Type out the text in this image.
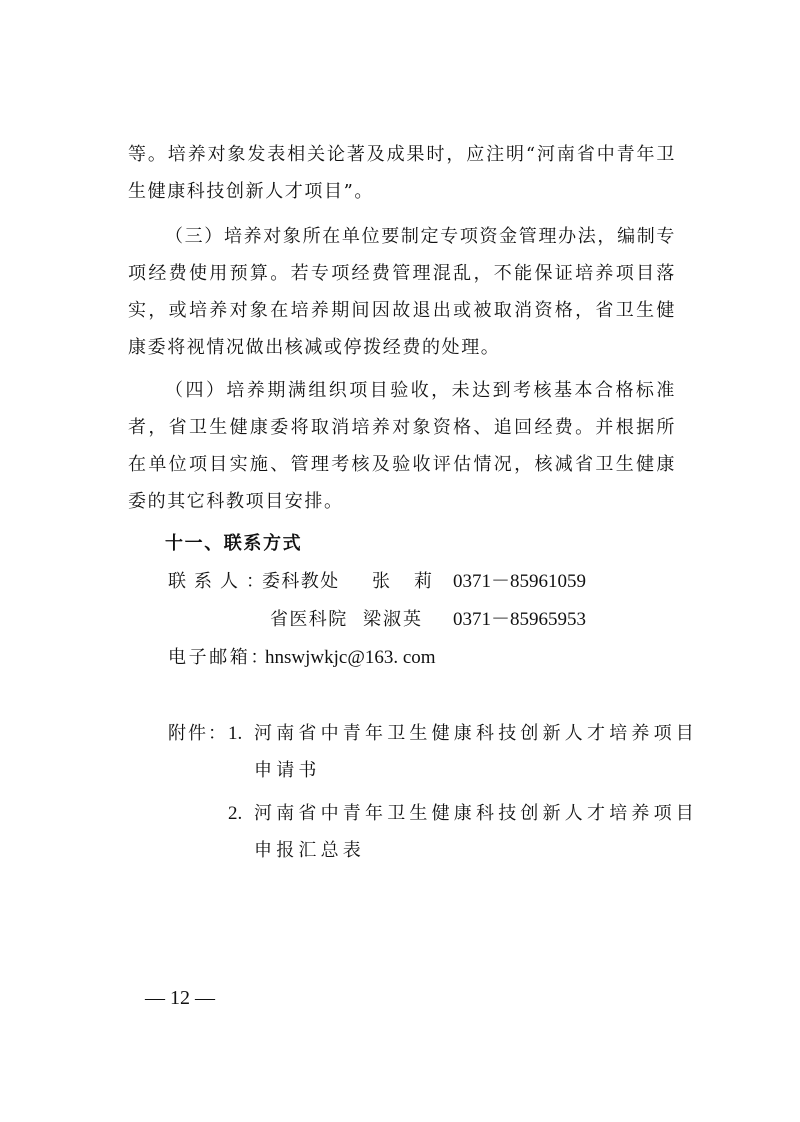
等。培养对象发表相关论著及成果时，应注明“河南省中青年卫生健康科技创新人才项目”。

（三）培养对象所在单位要制定专项资金管理办法，编制专项经费使用预算。若专项经费管理混乱，不能保证培养项目落实，或培养对象在培养期间因故退出或被取消资格，省卫生健康委将视情况做出核减或停拨经费的处理。

（四）培养期满组织项目验收，未达到考核基本合格标准者，省卫生健康委将取消培养对象资格、追回经费。并根据所在单位项目实施、管理考核及验收评估情况，核减省卫生健康委的其它科教项目安排。

十一、联系方式
联系人：
委科教处 张莉
0371－85961059
省医科院 梁淑英 0371－85965953
电子邮箱：
hnswjwkjc@163. com
附件： 1. 河南省中青年卫生健康科技创新人才培养项目申请书

2. 河南省中青年卫生健康科技创新人才培养项目申报汇总表

— 12 —
